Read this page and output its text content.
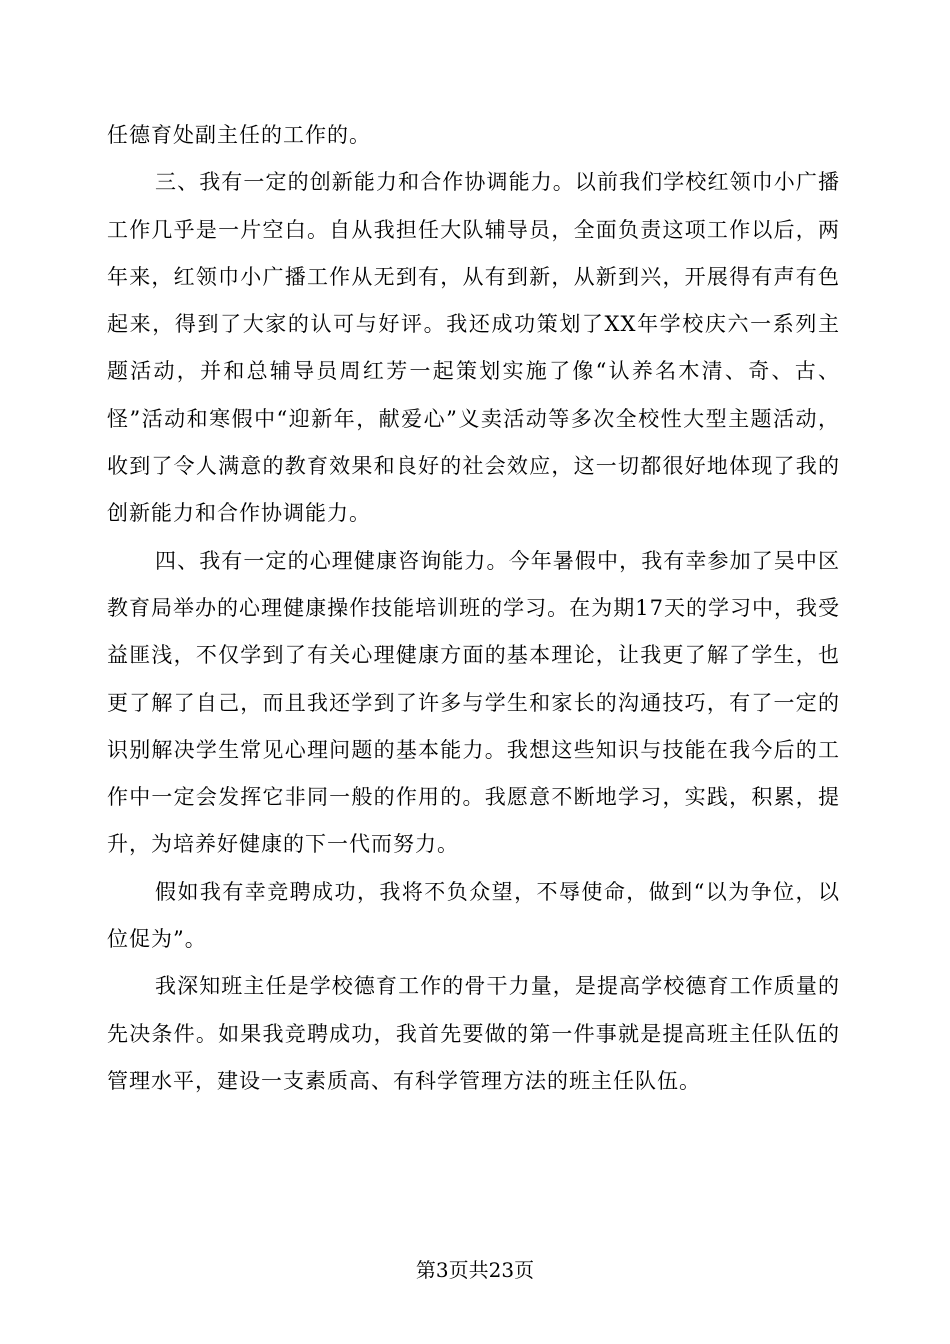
任德育处副主任的工作的。

三、我有一定的创新能力和合作协调能力。以前我们学校红领巾小广播工作几乎是一片空白。自从我担任大队辅导员，全面负责这项工作以后，两年来，红领巾小广播工作从无到有，从有到新，从新到兴，开展得有声有色起来，得到了大家的认可与好评。我还成功策划了XX年学校庆六一系列主题活动，并和总辅导员周红芳一起策划实施了像“认养名木清、奇、古、怪”活动和寒假中“迎新年，献爱心”义卖活动等多次全校性大型主题活动，收到了令人满意的教育效果和良好的社会效应，这一切都很好地体现了我的创新能力和合作协调能力。

四、我有一定的心理健康咨询能力。今年暑假中，我有幸参加了吴中区教育局举办的心理健康操作技能培训班的学习。在为期17天的学习中，我受益匪浅，不仅学到了有关心理健康方面的基本理论，让我更了解了学生，也更了解了自己，而且我还学到了许多与学生和家长的沟通技巧，有了一定的识别解决学生常见心理问题的基本能力。我想这些知识与技能在我今后的工作中一定会发挥它非同一般的作用的。我愿意不断地学习，实践，积累，提升，为培养好健康的下一代而努力。

假如我有幸竞聘成功，我将不负众望，不辱使命，做到“以为争位，以位促为”。

我深知班主任是学校德育工作的骨干力量，是提高学校德育工作质量的先决条件。如果我竞聘成功，我首先要做的第一件事就是提高班主任队伍的管理水平，建设一支素质高、有科学管理方法的班主任队伍。

第3页共23页
